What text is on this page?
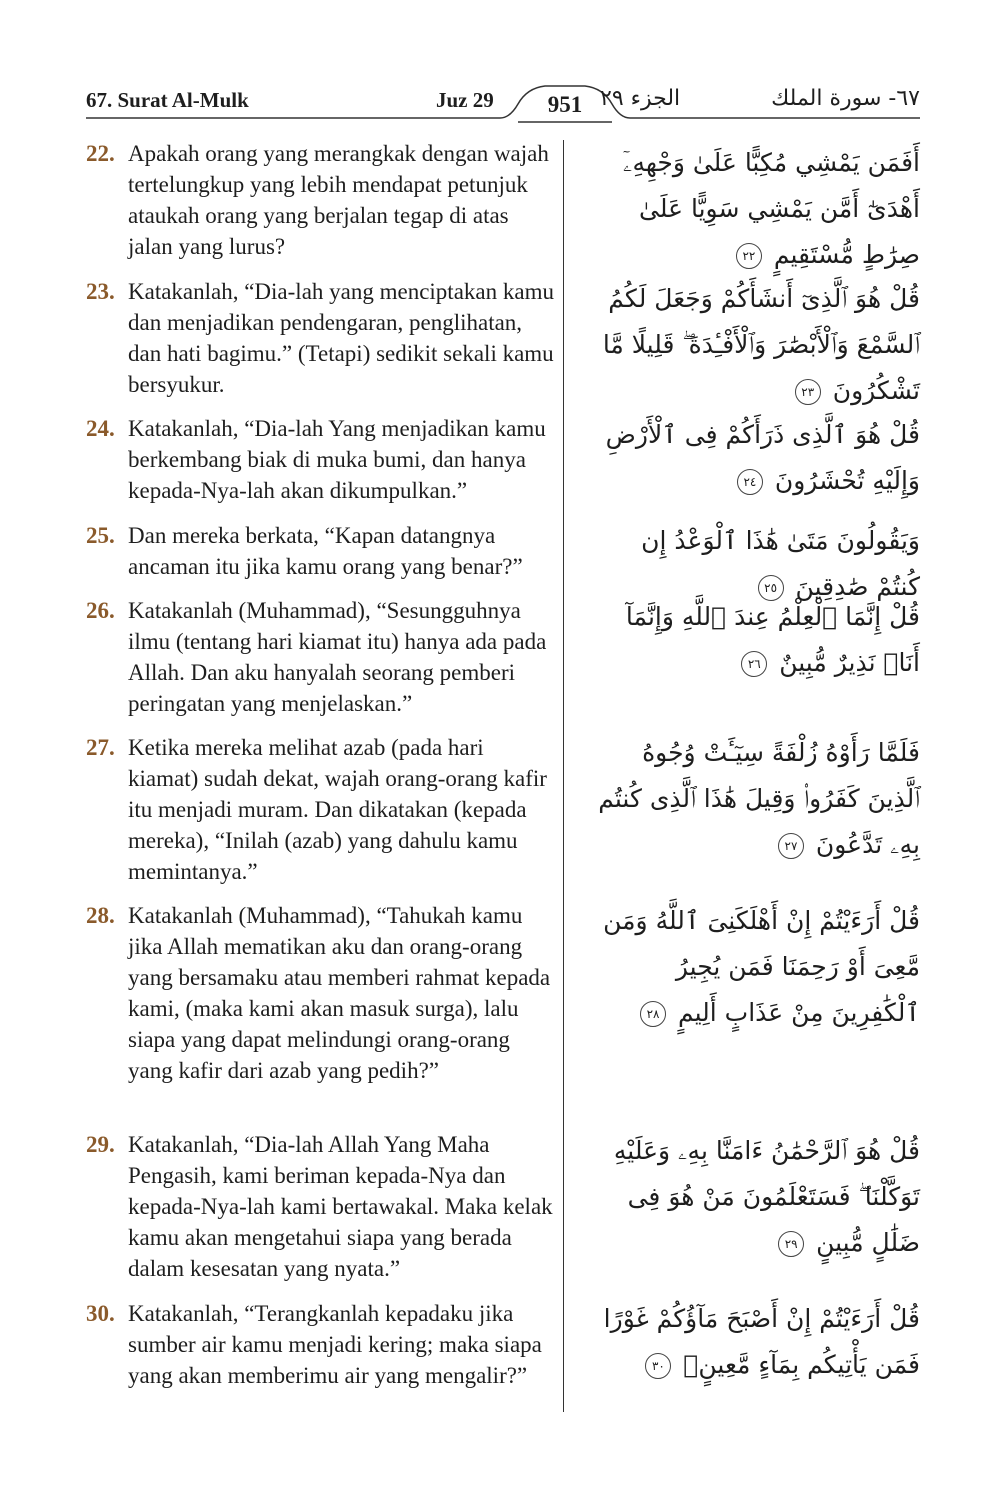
67. Surat Al-Mulk	Juz 29	951 الجزء ٢٩	٦٧- سورة الملك
22. Apakah orang yang merangkak dengan wajah tertelungkup yang lebih mendapat petunjuk ataukah orang yang berjalan tegap di atas jalan yang lurus?
23. Katakanlah, “Dia-lah yang menciptakan kamu dan menjadikan pendengaran, penglihatan, dan hati bagimu.” (Tetapi) sedikit sekali kamu bersyukur.
24. Katakanlah, “Dia-lah Yang menjadikan kamu berkembang biak di muka bumi, dan hanya kepada-Nya-lah akan dikumpulkan.”
25. Dan mereka berkata, “Kapan datangnya ancaman itu jika kamu orang yang benar?”
26. Katakanlah (Muhammad), “Sesungguhnya ilmu (tentang hari kiamat itu) hanya ada pada Allah. Dan aku hanyalah seorang pemberi peringatan yang menjelaskan.”
27. Ketika mereka melihat azab (pada hari kiamat) sudah dekat, wajah orang-orang kafir itu menjadi muram. Dan dikatakan (kepada mereka), “Inilah (azab) yang dahulu kamu memintanya.”
28. Katakanlah (Muhammad), “Tahukah kamu jika Allah mematikan aku dan orang-orang yang bersamaku atau memberi rahmat kepada kami, (maka kami akan masuk surga), lalu siapa yang dapat melindungi orang-orang yang kafir dari azab yang pedih?”
29. Katakanlah, “Dia-lah Allah Yang Maha Pengasih, kami beriman kepada-Nya dan kepada-Nya-lah kami bertawakal. Maka kelak kamu akan mengetahui siapa yang berada dalam kesesatan yang nyata.”
30. Katakanlah, “Terangkanlah kepadaku jika sumber air kamu menjadi kering; maka siapa yang akan memberimu air yang mengalir?”
أَفَمَن يَمْشِي مُكِبًّا عَلَىٰ وَجْهِهِۦٓ أَهْدَىٰٓ أَمَّن يَمْشِي سَوِيًّا عَلَىٰ صِرَٰطٍ مُّسْتَقِيمٍ ٢٢
قُلْ هُوَ ٱلَّذِىٓ أَنشَأَكُمْ وَجَعَلَ لَكُمُ ٱلسَّمْعَ وَٱلْأَبْصَٰرَ وَٱلْأَفْـِٔدَةَ ۖ قَلِيلًا مَّا تَشْكُرُونَ ٢٣
قُلْ هُوَ ٱلَّذِى ذَرَأَكُمْ فِى ٱلْأَرْضِ وَإِلَيْهِ تُحْشَرُونَ ٢٤
وَيَقُولُونَ مَتَىٰ هَٰذَا ٱلْوَعْدُ إِن كُنتُمْ صَٰدِقِينَ ٢٥
قُلْ إِنَّمَا ٱلْعِلْمُ عِندَ ٱللَّهِ وَإِنَّمَآ أَنَا۠ نَذِيرٌ مُّبِينٌ ٢٦
فَلَمَّا رَأَوْهُ زُلْفَةً سِيٓـَٔتْ وُجُوهُ ٱلَّذِينَ كَفَرُوا۟ وَقِيلَ هَٰذَا ٱلَّذِى كُنتُم بِهِۦ تَدَّعُونَ ٢٧
قُلْ أَرَءَيْتُمْ إِنْ أَهْلَكَنِىَ ٱللَّهُ وَمَن مَّعِىَ أَوْ رَحِمَنَا فَمَن يُجِيرُ ٱلْكَٰفِرِينَ مِنْ عَذَابٍ أَلِيمٍ ٢٨
قُلْ هُوَ ٱلرَّحْمَٰنُ ءَامَنَّا بِهِۦ وَعَلَيْهِ تَوَكَّلْنَا ۖ فَسَتَعْلَمُونَ مَنْ هُوَ فِى ضَلَٰلٍ مُّبِينٍ ٢٩
قُلْ أَرَءَيْتُمْ إِنْ أَصْبَحَ مَآؤُكُمْ غَوْرًا فَمَن يَأْتِيكُم بِمَآءٍ مَّعِينٍۭ ٣٠
